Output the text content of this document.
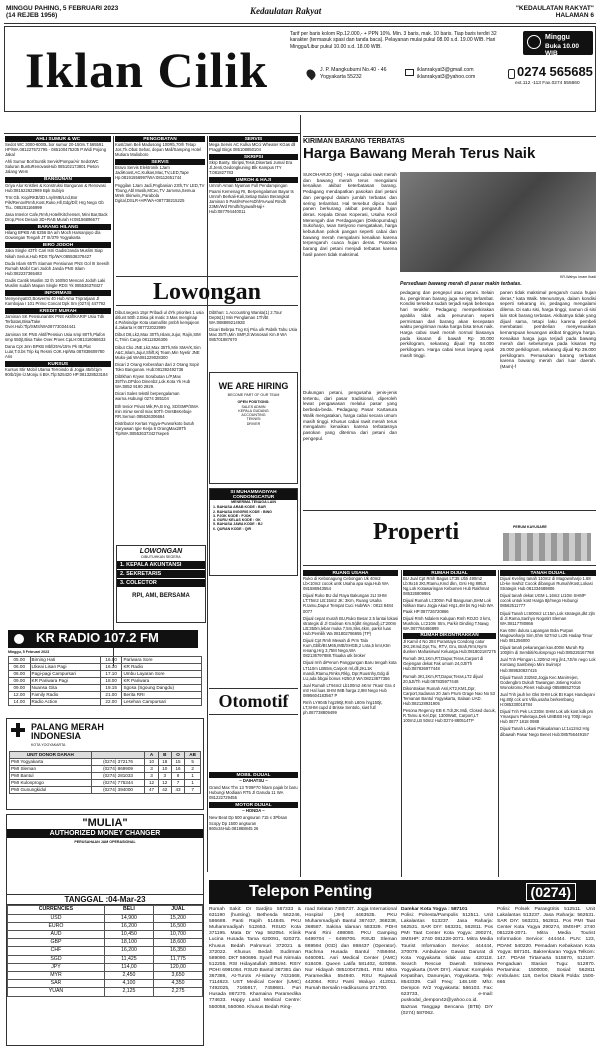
MINGGU PAHING, 5 FEBRUARI 2023
(14 REJEB 1956)	Kedaulatan Rakyat	"KEDAULATAN RAKYAT"
HALAMAN 6
Iklan Cilik
Tarif per baris kolom Rp.12.000,- + PPN 10%. Min. 3 baris, mak. 10 baris. Tiap baris terdiri 32 karakter (termasuk spasi dan tanda baca). Pelayanan mulai pukul 08.00 s.d. 19.00 WIB. Hari Minggu/Libur pukul 10.00 s.d. 18.00 WIB.
Minggu
Buka 10.00 WIB
J. P. Mangkubumi No.40 - 46 Yogyakarta 55232
iklanrakyat3@gmail.com
iklanrakyat3@yahoo.com	0274 565685
ext.112 -113 Fax.0274 555660
AHLI SUMUR & WC
Sedot WC 3000-6000L bor sumur 20-150m.T.565591 HP/WA 081227572795 - 085100475205 P.Widi Pojong Jakal
Ahli Sumur Bor/Suntik Servis/Pompa/Air SedotWC Saluran BuntuRenovasiHub 085102173801 Pieton Jalang Wem
BANGUNAN
Griya Alur Kristles & Konstruksi Bangunan & Renovasi Hub:081522622969 Bpk Subiyo
Trm:Gb. Kop/RKB/3D Lny/IMB/Lnd,Bor Pils/Renov/Rmh,Kost,Ruko,Hll,Gdg/Dll; Hrg Nego Gb Tlu.. 085281166999
Jasa Interior Cafe,Rmh,Hotel/Kitchenset, Mini Bar,Back Drop,Pres Desain 3D+RAB Murah H:08156896677
BARANG HILANG
Hilang BPKB AB 6256 BA a/n Moch Harsanjoyo d/a Gowongan Tengah JT III/379 Yogyakarta
BIRO JODOH
Jaka Single 43Th Cari Istri Gadis/Janda Muslim Siap Nikah Serius.Hub RDS Tlp/WA:085536378427
Duda Islam 65Th Siaman Pensiunan PNS Gol III Seesih Rumah Moibl Cari Jodoh Janda PNS Islam Hub:082237365483
Gadis Cantik Muslim 32 th 160/50 Mencari Jodoh Laki Muslim sudah Mapan Single RDS Yk 085536378427
INFORMASI
MenyeinyaEO,Bosvermi 40 Hub Ama Tripratjaan Jl Kambojaa I 101 Primo Concat Dpk Sm (0274) 447792
KREDIT MURAH
Jaminan SK PensiunanSK PNS Aktif/KARIP Usia Tdk Terbatas,Bisa/Take Over.Hub:Tlp/SMS/WA087730344441
Jaminan SK PNS Aktif/Pensiun Usia smp 80Th,Plafon smp 550jt,Bisa Take Over.Proes CpLH:081318068633
Dana Cpt Jmn BPKB Mbl/25%/15% Pk IB,Plat Luar,T.0.bs Trip kq Resmi OJK.Hp/Wa 087838609780 Aris
KURSUS
Kursus Stir Mobil Utama Terroindo di Jogja 45rb/1jm 90rb/2jm-lJ.Monju Ii BtA.Tlp:525420 HP:081328523184
PENGOBATAN
Kust/Jam Beli Madusong 100Rb,70rh Tetap Jos,Tk.Obat Sehat, depan Mall/Samping Hotel Mutiara Malioboro
SERVIS
Bravo Servis Elektronik 1Jam JadiKoost,AC,Kulkas,Mac,TV,LED,Tape Hp.08191556997/WA:08112651744
Pnggilan 1Jam Jadi,Pngbanian 23th,TV LED,TV Tbung,Abl Musik,MCec,TV Jamvna,Semua Mrek Skinwin,,Parabola Dgital,DSLR+HP/WA+087738215225
Lowongan
Dibut.segera 15pr Pribadi ul dYk priorites 1 usia ditlunt 50th 2.Bisa pk matic 3.Mas menginap 4.Pahsindge Kota utama/litn pmbh kemjajeon d.Jakarta H:087722022999
Dibut D8,Lk2,Max 30Th,Islam,Jujur, Rajin,SIM C,Trnin Cargo 08112826306
Dibut Cko JNE,Lk2,Max 35Th,Min SMA/K,Sim A&C,Islam,Jujur,Shift,Kj Team,Min Nyetir JNE Muko-jati WA081229028300
Dicari 2 Orang Keberahan dari 2 Orang Sopir Toko Bangunan. Hub:081392492736
Dibtkhan Krywn Sorabutan L/P,Max 35Thn.DPdoo Dinenb2,Lok.Kota Yk Hub WA:0852 9190 2929.
Dicari Sales tekstil berpengalaman warna.Hubungi 0274 385104
Bth tenior Privat Mik,PA,B Ing, SD/SMP/SMA min minw sentil max 50Th OnrsBsKebuje RR.Semun 085626306664
Distributor Kertas Yogya-Purworkoto butuh Karyawan Igie Kerja 8 OrangMax28Th Tlp/WA:085536373427sepeti
SERVIS
Mega Servis AC Kulka MCci Wheater KGas dll Praggl Birgs 085108850104
SKRIPSI
Skrp Banty. Skripsi,Tesis,Disertasi Jumal Era Jl.Jenti,Gedongkuning Blk Kampus ITY T.081827783
UMROH & HAJI
Umroh Aman Nyaman Full Pendampingan Paami Kemenag RI, Berpengalaman Bayar ts Umroh Berkali-Kali,Setiap Bulan Berangkat Jaminan 5 Pasti%Fee%Dhh%Awal Rmdh 23Mn/Wd Rmdh/Syawal/Haji+ Hub:087794440011
Dibthan: 1.Accounting Wanita(1) 2.Tour Depts(1) Min Penglaman 1Th/bt WA:08886921492E
Dicari Bebrpa Tng Krj Pria u/k Pabrik Tahu Usia Max 35Th,Min SMP,Jl.Wonosari Km.9 WA 085701887670
WE ARE HIRING
BECOME PART OF OUR TEAM
OPEN POSITIONS:
SALES ADMIN
KEPALA GUDANG
ACCOUNTING
TEKNISI
DRIVER
SI MUHAMMADIYAH CONDONGCATUR
MENERIMA TENAGA LAIN
1. BAHASA ARAB KODE : BAR
2. BAHASA INGGRIS KODE : BING
3. PJOK KODE : PJOK
4. GURU KELAS KODE : GK
5. BAHASA JAWA KODE : BJ
6. QURAN KODE : QIR
LOWONGAN
DIBUTUHKAN SEGERA
1. KEPALA AKUNTANSI
2. SEKRETARIS
3. COLECTOR
RPI, AMI, BERSAMA
KR RADIO 107.2 FM
Minggu, 5 Februari 2023
05.00	Birning Hati	16.00	Pariwara Sore
06.00	Ltkeai Lisan Pagi	16.30	KR Radio
06.00	Pagi-pagi Campursari	17.10	Umbu Layaran Sore
09.00	KR Pariwara Pagi	18.00	KR Pariwara
09.00	Nuansa Gita	19.15	Sgosa (Sgoung Dangdu)
12.00	Family Radio	21.00	Berita RRI
14.00	Radio Action	22.00	Lesehan Campursari
PALANG MERAH INDONESIA
KOTA YOGYAKARTA
UNIT DONOR DARAH		A	B	O	AB
PMI Yogyakarta	(0274) 372176	10	18	15	5
PMI Sleman	(0274) 869909	3	10	16	2
PMI Bantul	(0274) 281033	3	3	8	1
PMI Kulonprogo	(0274) 775344	12	12	7	1
PMI Gunungkidul	(0274) 394000	47	42	43	7
"MULIA"
AUTHORIZED MONEY CHANGER
PERUSAHAAN JAM OPERASIONAL
TANGGAL :04-Mar-23
CURRENCIES	BELI	JUAL
USD	14,900	15,200
EURO	16,200	16,500
AUD	10,450	10,700
GBP	18,100	18,600
CHF	16,200	16,350
SGD	11,425	11,775
JPY	114,00	120,00
MYR	2,450	3,650
SAR	4,100	4,350
YUAN	2,125	2,275
Otomotif
MOBIL DIJUAL
~ DAIHATSU ~
Grand Max Thn 13 Tr09F70 hitam pajak br baru Hubungi Modiaan RT5 Jl Garuda 11 WA 081222729455
MOTOR DIJUAL
~ HONDA ~
New Beat Dp 500 angsuran 715 x 3Pbsan Scopy Dp 1500 angsuran 860x34Hub.081868845 26
KIRIMAN BARANG TERBATAS
Harga Bawang Merah Terus Naik
SUKOHARJO (KR) - Harga cabai rawit merah dan bawang merah terus mengalami kenaikan akibat keterbatasan barang. Pedagang mendapatkan pasokan dari petani dan pengepul dalam jumlah terbatas dan sering terlambat. Hal tersebut dipicu hasil panen berkurang akibat pengaruh hujan deras. Kepala Dinas Koperasi, Usaha Kecil Menengah dan Perdagangan (Diskopumdag) Sukoharjo, Iwan Setiyono mengatakan, harga kebutuhan pokok pangan seperti cabai dan bawang merah mengalami kenaikan karena terpengaruh cuaca hujan deras. Pasokan barang dari petani menjadi terbatas karena hasil panen tidak maksimal.
KR-Wahyu Imam Ibadi
Persediaan bawang merah di pasar makin terbatas.
Dukungan petani, pengusaha jenis-jenis tertentu, dari pasar tradisional, diperoleh lewat pengawasan melalui pasar yang berbeda-beda. Pedagang Pasar Kartasura Walik mengatakan, harga cabai secara umum masih tinggi. Khusus cabai rawit merah terus mengalami kenaikan karena terbatasnya pasokan yang diterima dari petani dan pengepul.
pedagang dan pengepul atau petani. Selain itu, pengiriman barang juga sering terlambat. Kondisi tersebut sudah terjadi sejak beberapa hari terakhir. Pedagang memperkirakan apabila tidak ada penurunan seperti permintaan dari barang akan kecepatan waktu pengiriman maka harga bisa terus naik. Harga cabai rawit merah normal biasanya pada kisaran di bawah Rp 30.000 perkilogram, sekarang dijual Rp 54.000 perkilogram. Harga cabai terus lanjang ayak masih tinggi.
panen tidak maksimal pengaruh cuaca hujan deras," kata Walk. Menurutnya, dalam kondisi seperti sekarang ini, pedagang mengalami dilema. Di satu sisi, harga tinggi, namun di sisi lain stok barang terbatas. Akibatnya tidak yang dijual sama, tetapi laku karena pembeli membatasi pembelian menyesuaikan kemampuan keuangan akibat tingginya harga. Kenaikan harga juga terjadi pada bawang merah dari sebelumnya pada kisaran Rp 25.000 perkilogram, sekarang dijual Rp 39.000 perkilogram. Pemasukan barang terbatas karena bawang merah dari luar daerah. (Mam)-f
Properti	PERUM KAYUSARE
RUANG USAHA
Ruko di Kebonagung Cebongan Uk 40m2 Lb<10m2 cocok untk Usaha apa saja.Hub WA 081586943554
Dijual Ruko BU dul Raya Bakungan 2Lt SHM LT:75m2 LB:15m2 JK: 3Km, Ruang Usaha R.tamu,Dapur Tempat Cuci Hub/WA : 0813 8484 0077
Dijual cepat murah BU,Ruko Besar 2.5 lantai lokasi strategis di Jl Godean Km.5(dkt ringroad),LT:200m LB:350m,lebar muka 7,5m,Sks,4km, parkir luas Hub:Pemilik Wa 081802786655 (TP)
Dijual Cpt Rmh Mewah di Prm Tala Kum,Gblb/Bt.M65,IMB/SHGB,2 Lnta,5 kmr,Ktm renang,Hrg 3,75M Nego,WA 082136797888.Tituaka utk broker
Dijual rmh diPerum Panggungan Baru tengah kota LT110m LB55m,Carport rnl,dll,2KL1K mandi,Rtamu,Rmkn,Rklg, Dpr,Ruusnhy,Gdg di LU,ada bbgai bonus H250,0 WA:08213877356
Jual Rumah LT94m2 Lb100m2 4Kmr 7Kasr Gra 4 mtr Hal luas SHM IMB harga 2,9M Nego Hub 0895604183567 P
Rmh LY9045 hrg290jt,Rmh L80m hrg150jt, LT,SHM cupd d Brisse Sentolo, siwt full ph.087738809499
RUMAH DIJUAL
BU Jual Cpt Rmh Bagus LT:35 Ubti 490m2 Lb:9x16 2Kt,Rtamu,Kmd dkn, Grsi Hrg 895Jt Ng,Lok Kotawaringan Kebumen Hub Rakhmat 085326809991
Dijual Rumah Lt:300m Full Bangunan,SHM Lok Nitikan Baru Jogja Akad Hrg1,4M bs Ng Hub WA Paak HP:087726720866
Dijual Rmh Ndalem Kalupan Rmh ROJO 3 kmt, Mushola, Lt:210m Stm, Parkir Dinding T.Nawg WA:087784466899
RUMAH DIKONTRAKKAN
Jl Kamil 4 No 284 Purantaya Condong catur 3Kt,2Kmd,Dpr,Tru, RTV, Gru, Brah,Rmt,Nyrm dunken Mahasiswa/ Keluarga.Hub:081802187275
Rumah 3Kt,1Km,RT,Dapur,Teras,Carport di Gejengan dekat Fak umum 24,0Jt/Th Hub:087836977448
Rumah 3Kt,1Km,RT,Dapur,Teras,LT2 dijual 20,5Jt/Th Hub:087835977448
Dikontrakan Rumah Asri,KT2,KM1,Dpr, Carport,Sadanan 20 Jam Prum Grage Nao No 53 Temanan Bantul Yogyakarta, Salaan UAD. Hub:082128931905
Pesona Regency EB K.Tdr,2K.Mdi, Closed ducuk, R.Tamu & Kel,Dpr, 1300Watt, Carport,LT 100m2,LB 50m2 Hub:0274-880514TP
TANAH DIJUAL
Dijual Kveling tanah 110m2 di Magowoharjo 1.68 Lb-ke mwhi2 Cocok dibangun Rumah/Kost,Lokasi Strategis Hub.081334689806
Dijual tanah dekat UGM L.16m2 Lt10m SHMP cocok untuk kost Harga 8jt/mego Hubungi 08562511777
Dijual Tanah Lt:600m2 Lt:15m,Lok strategis,dkt 2jln di Jl.Rama,Sanhyo Nogotirt Sleman WA:08117780866
Kav 60m dulura Lapangan Bola Purpan Magowoharjo Sim,Shm 527m2 Lc25 Hadap Timur Hub 081256000
Dijual tanah pekarangan kav.400m Murah Rp 100jt/m di Sembiti/Kulonprogo Hub:085226167768
Jual Tnh Pkrngan L.320m2 Hrg jln1,7Jt/m nego Lok Kontang Sambirejo Mini Swimrpr Hub:089530837415
Dijual Tanah 332M2,Jogja Kec.Manirrejen, Godengbro Dukuh Tawangan Jotieng Kulon Wonokromo,Pleret Hubungi 085886527016
Jual Tnh jauh ke Gks SHM Lok Bt Kaps Handayani Hg.80jt cck unt Villa,usaha berkembang H:085330018784
Dijual Tnh Pek Ls:230m SHM Lok utk kost kdk pm Ymaspum Paketaya,Dek UMBSB Hrg 700jt nego Hub 0877 1818 0988
Dijual Tanah Lokasi Pakualaman Lt:1x12m2 Hrg dibawah Pasar Nego Benet Hub:085756449157
Telepon Penting	(0274)
Rumah Sakit: Dr Sardjito 587333 & 631190 (hunting). Bethesda 562246, 586688. Panti Rapih 514845. PKU Muhammadiyah 512653. RSUD Kota 371195. Mata Dr Yap 562054. Klinik Lucina Husada Tama 620091, 620373. Khusus Bedah Palmmuri 372021 & 372022. Khusus Bedah Sudirman 589090. DKT 560696. Syarif Puri Nirmala 512255. RSI Hidayatullah 389194. RSIY PDHI 6991084. RSUD Bantul 367381 dan 367386, At-Turots Al-Islamy 7431668, 7114823. UST Medical Center (UMC) 7492025, 7165917, 7459681. Puri Husada 867270. Khamaina Paramedika 774633. Happy Land Medical Centre: 550058, 550060. Khusus Bedah Ring-
road Selatan 7485737. Jogja International Hospital (JIH) 4463535. PKU Muhammadiyah Bantul 367437, 368238, 368587. Sakina Idaman 583329. PDHI Panti Rini 498080. PKU Gamping 6499704 - 6499706. RSUD Sleman 869594 (IGD) dan 868437 (Operator). Rachma Husada Bantul 7459464, 6460091. Asri Medical Center (AMC) 618409. Queen Latifa 581402, 620556. Nur Hidayah 085100472941. RSU Mitra Paramedika 554940. RSU Rajawali 442064. RSU Panti Waluyo 412011. Rumah Bersalin Hadikusumo 371700.
Damkar Kota Yogya : 587101
Polisi: Polresta/Pampolis 512511. Unit Lakalantas 513237. Jasa Raharja: 562531. SAR DIY: 563231, 562811. Pos PMI Taat Center Kota Yogya: 290274, SMSHP: 2740 081228-2071. Mitra Media Tourist Information Service: 444444, 370079. Ambulance Gawat Darurat di Kota Yogyakarta tidak atau 420118. Search Rescue Daerah Istimewa Yogyakarta (SAR DIY). Alamat: Kompleks Kepatihan, Danurejan, Yogyakarta. Telp: 8543339. Call Freq: 148.160 Mhz. Dempon IV/2 Yogyakarta: 566103. Fax: 623733, e-mail: puskodal_dempon42@yahoo.co.id. Baznas Tanggap Bencana (BTB) DIY (0274) 587062.
Polisi: Polsek Parangtritis 512511. Unit Lakalantas 513237. Jasa Raharja: 562531. SAR DIY: 563231, 562811. Pos PMI Taat Center Kota Yogya 290274, SMSHP: 2740 081228-2071. Mitra Media Tourist Information Service: 444444. PLN: 123, PDAM: 540220. Pemadam Kebakaran Kota Yogya: 587101. Bakrenkaran Yogya Telkom: 147. PDAM Tirtamarta 515870, 512187. Pengaduan Stasiun Tugu: 512870. Pertamina: 1500000, Sosial: 562811 Ambulans: 118, Gerlos Ditarik Polda: 1500-666
